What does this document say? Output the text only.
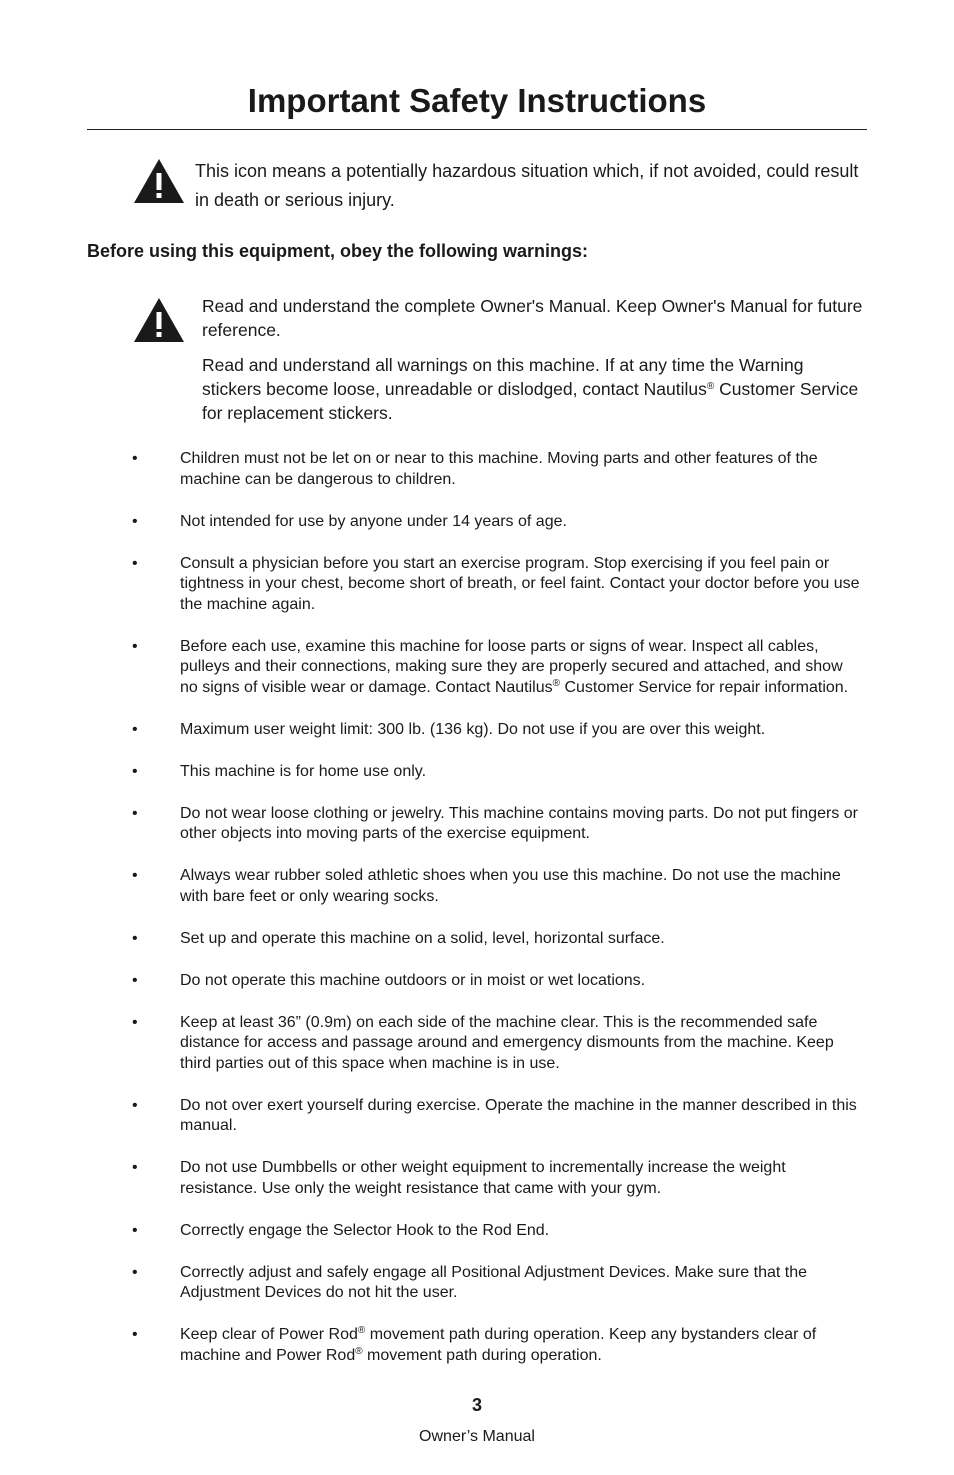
Important Safety Instructions

This icon means a potentially hazardous situation which, if not avoided, could result in death or serious injury.

Before using this equipment, obey the following warnings:

Read and understand the complete Owner's Manual. Keep Owner's Manual for future reference.

Read and understand all warnings on this machine. If at any time the Warning stickers become loose, unreadable or dislodged, contact Nautilus® Customer Service for replacement stickers.

•	Children must not be let on or near to this machine. Moving parts and other features of the machine can be dangerous to children.
•	Not intended for use by anyone under 14 years of age.
•	Consult a physician before you start an exercise program. Stop exercising if you feel pain or tightness in your chest, become short of breath, or feel faint. Contact your doctor before you use the machine again.
•	Before each use, examine this machine for loose parts or signs of wear. Inspect all cables, pulleys and their connections, making sure they are properly secured and attached, and show no signs of visible wear or damage. Contact Nautilus® Customer Service for repair information.
•	Maximum user weight limit: 300 lb. (136 kg). Do not use if you are over this weight.
•	This machine is for home use only.
•	Do not wear loose clothing or jewelry. This machine contains moving parts. Do not put fingers or other objects into moving parts of the exercise equipment.
•	Always wear rubber soled athletic shoes when you use this machine. Do not use the machine with bare feet or only wearing socks.
•	Set up and operate this machine on a solid, level, horizontal surface.
•	Do not operate this machine outdoors or in moist or wet locations.
•	Keep at least 36” (0.9m) on each side of the machine clear. This is the recommended safe distance for access and passage around and emergency dismounts from the machine. Keep third parties out of this space when machine is in use.
•	Do not over exert yourself during exercise. Operate the machine in the manner described in this manual.
•	Do not use Dumbbells or other weight equipment to incrementally increase the weight resistance. Use only the weight resistance that came with your gym.
•	Correctly engage the Selector Hook to the Rod End.
•	Correctly adjust and safely engage all Positional Adjustment Devices. Make sure that the Adjustment Devices do not hit the user.
•	Keep clear of Power Rod® movement path during operation. Keep any bystanders clear of machine and Power Rod® movement path during operation.
3
Owner’s Manual
